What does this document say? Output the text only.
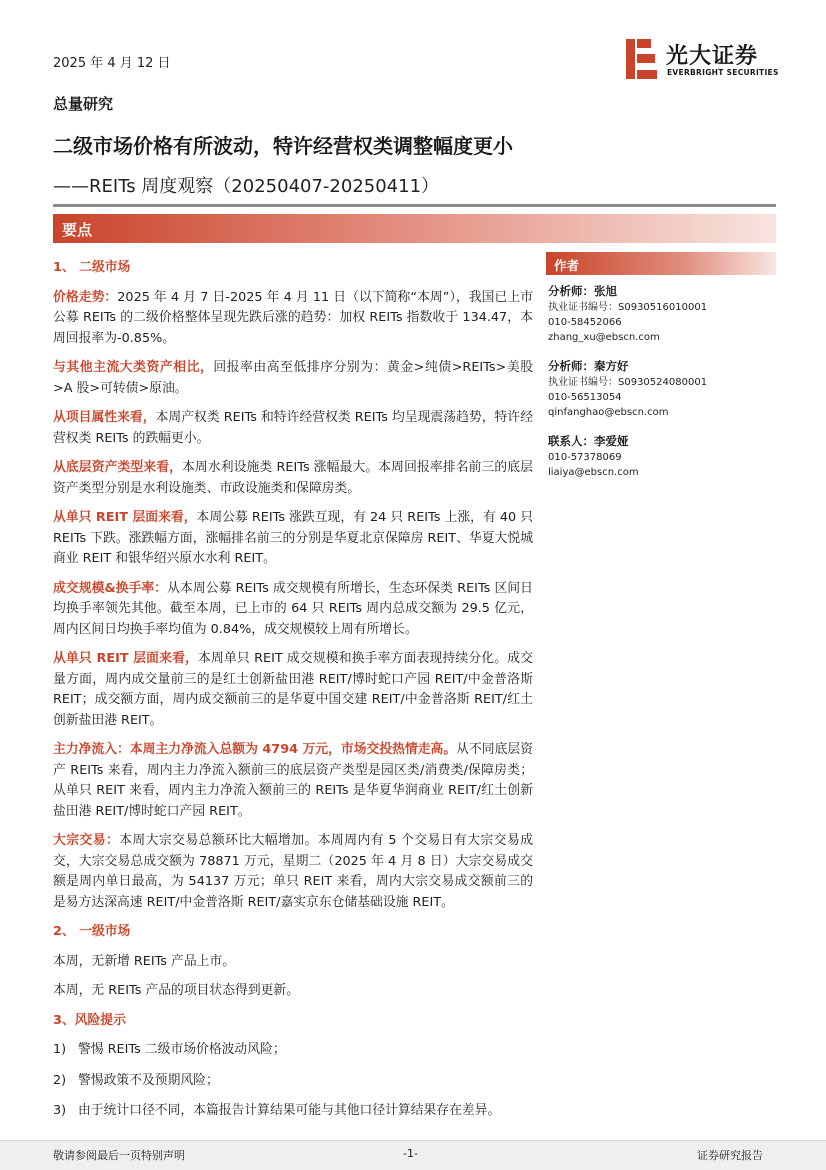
2025 年 4 月 12 日	光大证券
EVERBRIGHT SECURITIES
总量研究
二级市场价格有所波动，特许经营权类调整幅度更小
——REITs 周度观察（20250407-20250411）
要点
1、 二级市场
价格走势：2025 年 4 月 7 日-2025 年 4 月 11 日（以下简称“本周”），我国已上市公募 REITs 的二级价格整体呈现先跌后涨的趋势：加权 REITs 指数收于 134.47，本周回报率为-0.85%。
与其他主流大类资产相比，回报率由高至低排序分别为：黄金>纯债>REITs>美股>A 股>可转债>原油。
从项目属性来看，本周产权类 REITs 和特许经营权类 REITs 均呈现震荡趋势，特许经营权类 REITs 的跌幅更小。
从底层资产类型来看，本周水利设施类 REITs 涨幅最大。本周回报率排名前三的底层资产类型分别是水利设施类、市政设施类和保障房类。
从单只 REIT 层面来看，本周公募 REITs 涨跌互现，有 24 只 REITs 上涨，有 40 只 REITs 下跌。涨跌幅方面，涨幅排名前三的分别是华夏北京保障房 REIT、华夏大悦城商业 REIT 和银华绍兴原水水利 REIT。
成交规模&换手率：从本周公募 REITs 成交规模有所增长，生态环保类 REITs 区间日均换手率领先其他。截至本周，已上市的 64 只 REITs 周内总成交额为 29.5 亿元，周内区间日均换手率均值为 0.84%，成交规模较上周有所增长。
从单只 REIT 层面来看，本周单只 REIT 成交规模和换手率方面表现持续分化。成交量方面，周内成交量前三的是红土创新盐田港 REIT/博时蛇口产园 REIT/中金普洛斯 REIT；成交额方面，周内成交额前三的是华夏中国交建 REIT/中金普洛斯 REIT/红土创新盐田港 REIT。
主力净流入：本周主力净流入总额为 4794 万元，市场交投热情走高。从不同底层资产 REITs 来看，周内主力净流入额前三的底层资产类型是园区类/消费类/保障房类；从单只 REIT 来看，周内主力净流入额前三的 REITs 是华夏华润商业 REIT/红土创新盐田港 REIT/博时蛇口产园 REIT。
大宗交易：本周大宗交易总额环比大幅增加。本周周内有 5 个交易日有大宗交易成交，大宗交易总成交额为 78871 万元，星期二（2025 年 4 月 8 日）大宗交易成交额是周内单日最高，为 54137 万元；单只 REIT 来看，周内大宗交易成交额前三的是易方达深高速 REIT/中金普洛斯 REIT/嘉实京东仓储基础设施 REIT。
2、 一级市场
本周，无新增 REITs 产品上市。
本周，无 REITs 产品的项目状态得到更新。
3、风险提示
1) 警惕 REITs 二级市场价格波动风险；
2) 警惕政策不及预期风险；
3) 由于统计口径不同，本篇报告计算结果可能与其他口径计算结果存在差异。
作者
分析师：张旭
执业证书编号：S0930516010001
010-58452066
zhang_xu@ebscn.com
分析师：秦方好
执业证书编号：S0930524080001
010-56513054
qinfanghao@ebscn.com
联系人：李爱娅
010-57378069
liaiya@ebscn.com
敬请参阅最后一页特别声明	-1-	证券研究报告
